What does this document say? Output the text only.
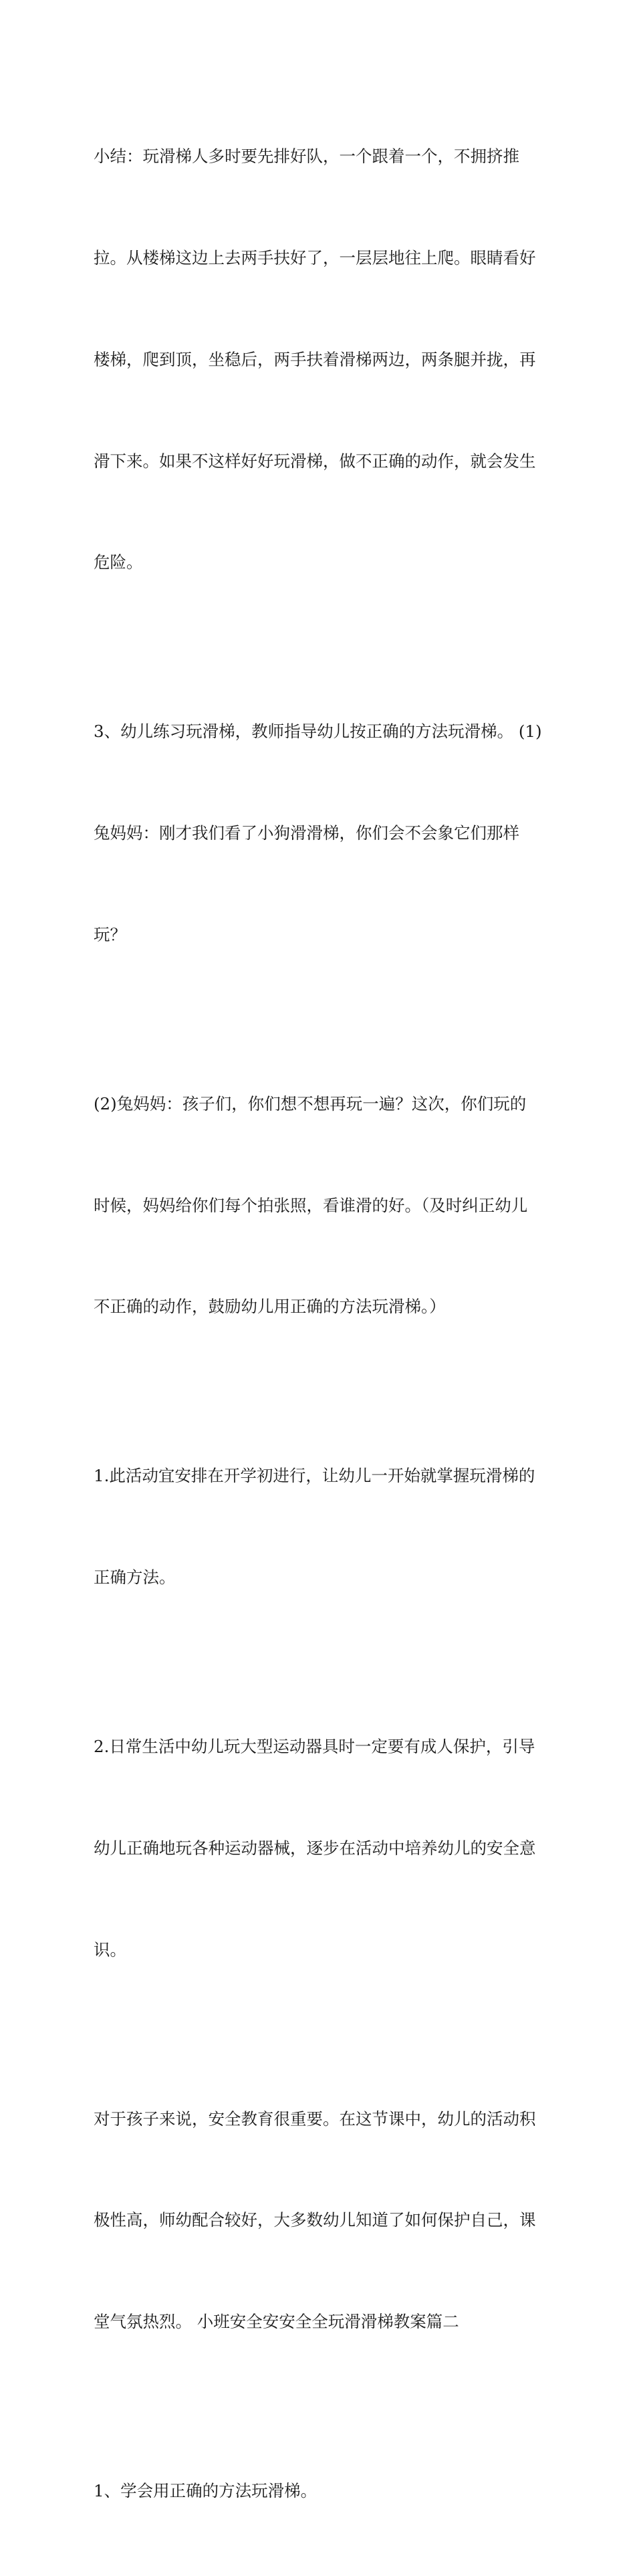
小结：玩滑梯人多时要先排好队，一个跟着一个，不拥挤推

拉。从楼梯这边上去两手扶好了，一层层地往上爬。眼睛看好

楼梯，爬到顶，坐稳后，两手扶着滑梯两边，两条腿并拢，再

滑下来。如果不这样好好玩滑梯，做不正确的动作，就会发生

危险。

3、幼儿练习玩滑梯，教师指导幼儿按正确的方法玩滑梯。 (1)

兔妈妈：刚才我们看了小狗滑滑梯，你们会不会象它们那样

玩？

(2)兔妈妈：孩子们，你们想不想再玩一遍？这次，你们玩的

时候，妈妈给你们每个拍张照，看谁滑的好。（及时纠正幼儿

不正确的动作，鼓励幼儿用正确的方法玩滑梯。）

1.此活动宜安排在开学初进行，让幼儿一开始就掌握玩滑梯的

正确方法。

2.日常生活中幼儿玩大型运动器具时一定要有成人保护，引导

幼儿正确地玩各种运动器械，逐步在活动中培养幼儿的安全意

识。

对于孩子来说，安全教育很重要。在这节课中，幼儿的活动积

极性高，师幼配合较好，大多数幼儿知道了如何保护自己，课

堂气氛热烈。 小班安全安安全全玩滑滑梯教案篇二

1、学会用正确的方法玩滑梯。
